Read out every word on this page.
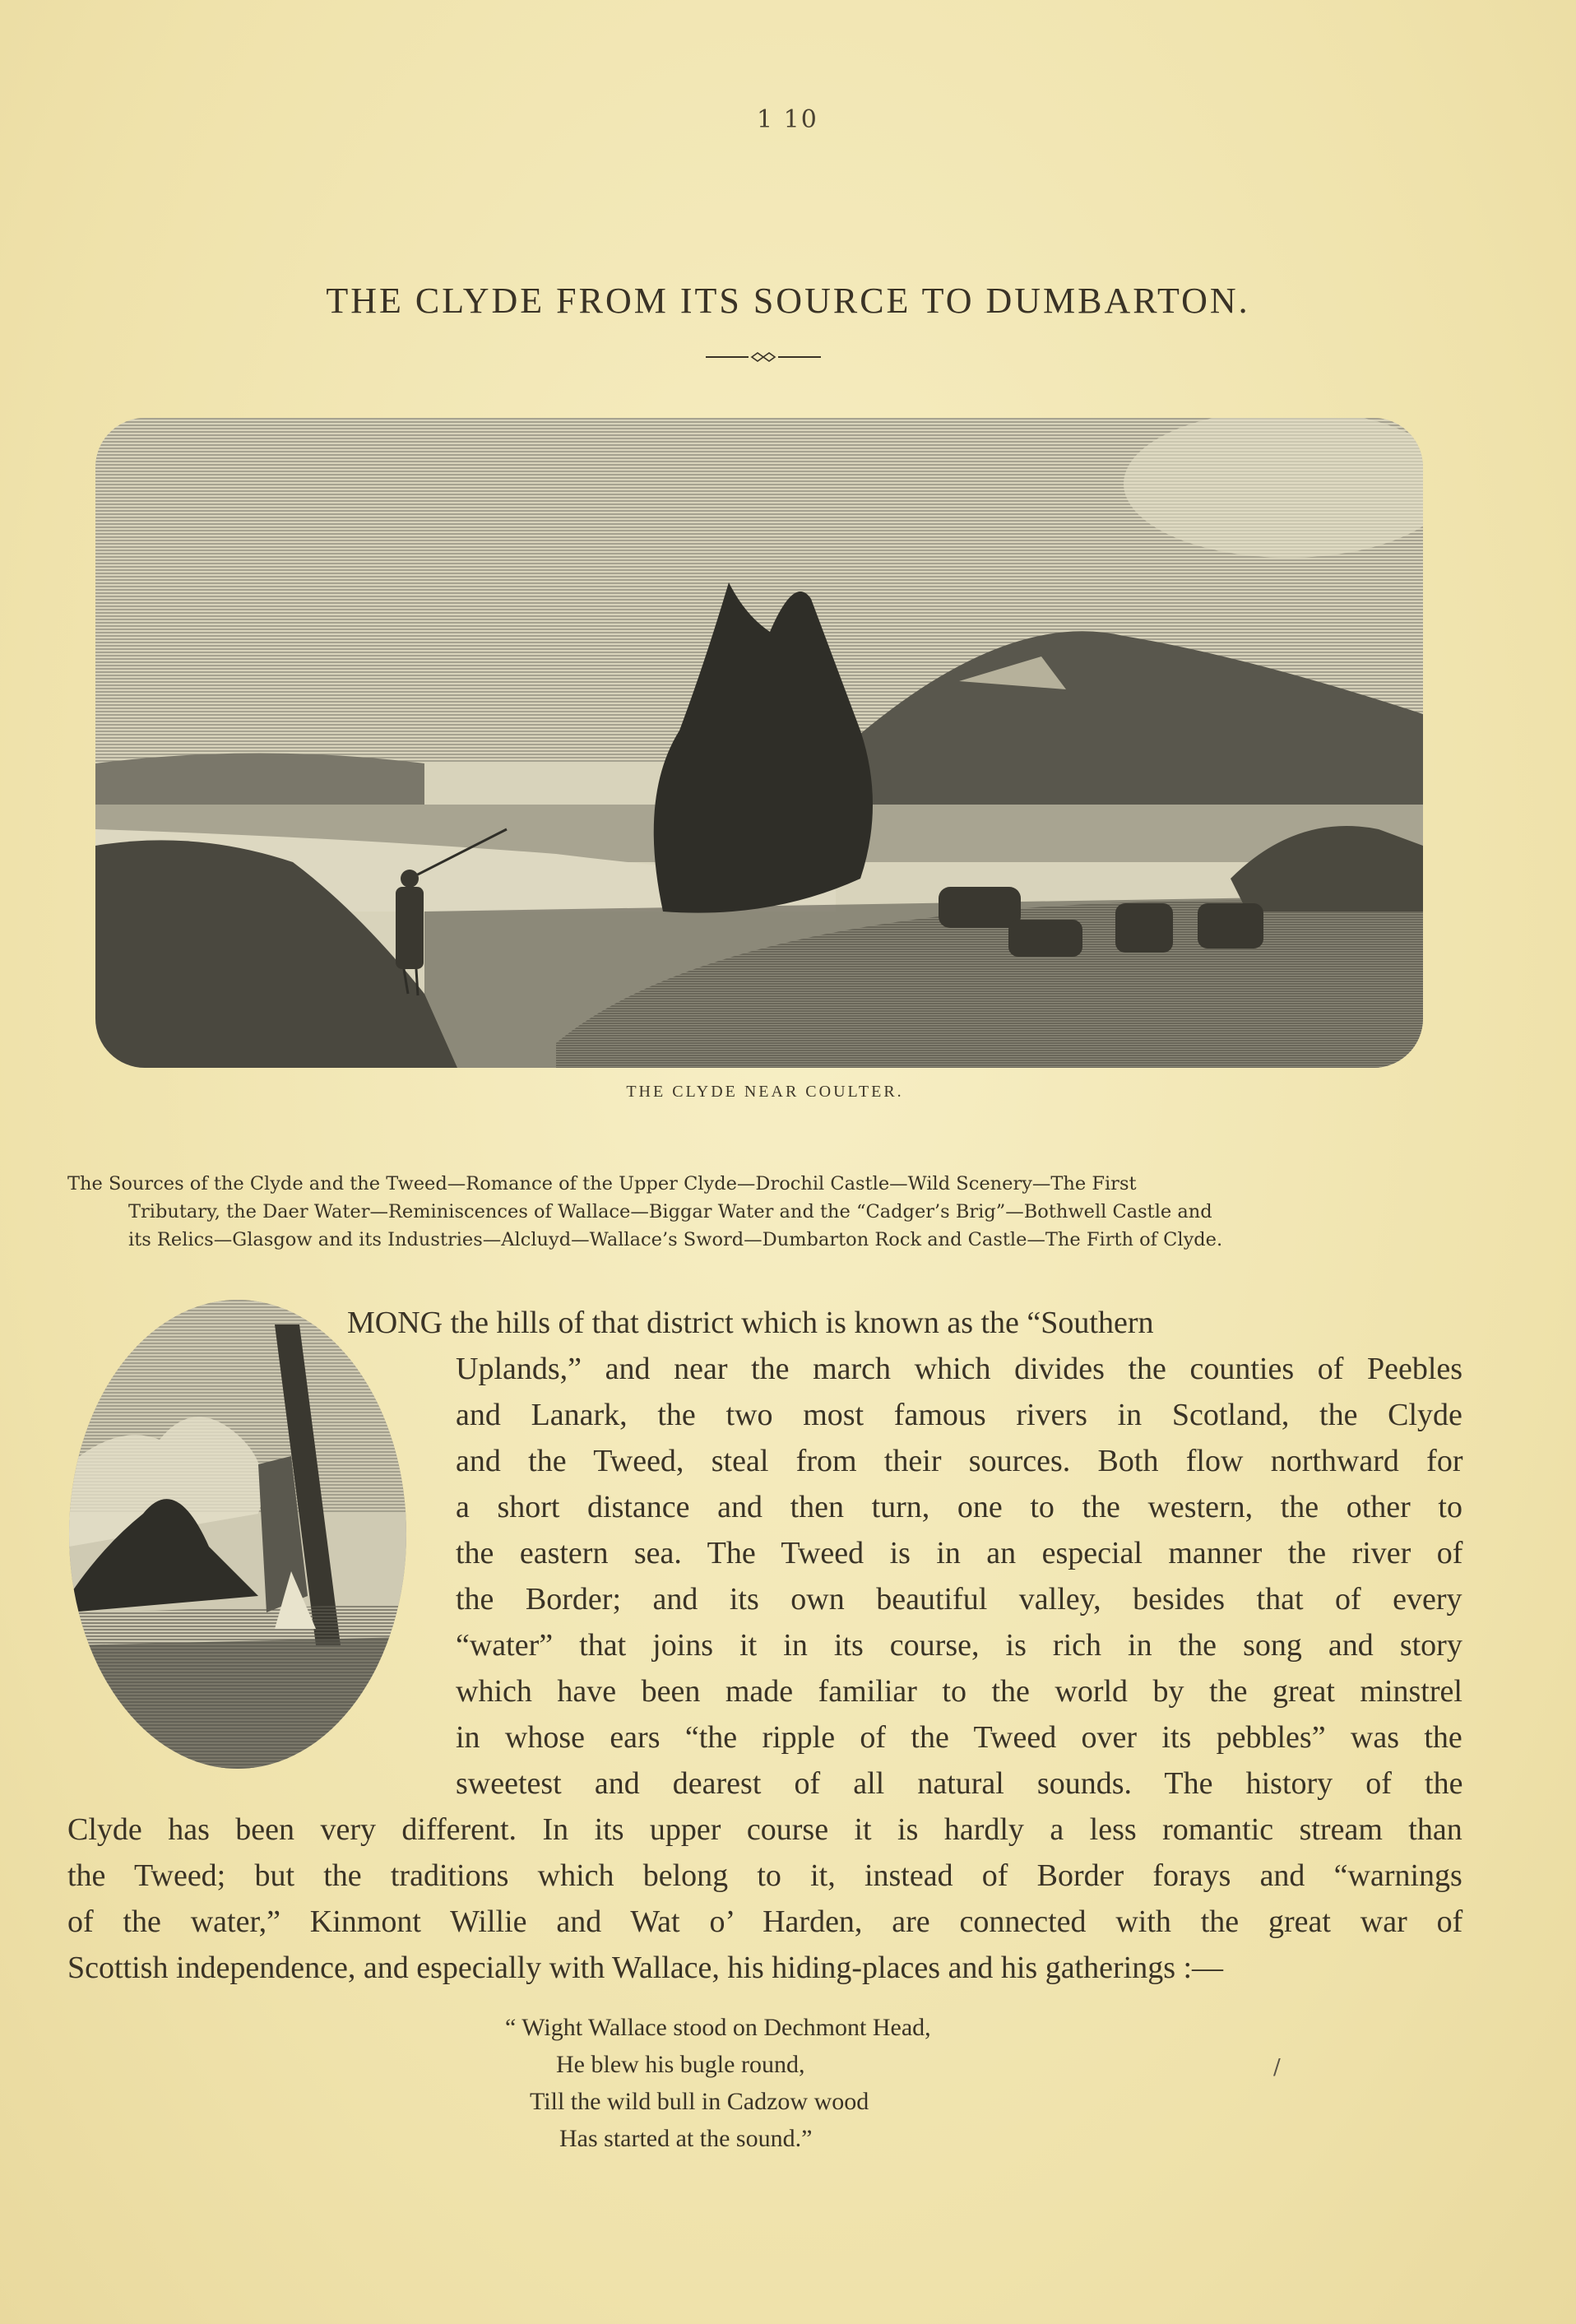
1 10
THE CLYDE FROM ITS SOURCE TO DUMBARTON.
THE CLYDE NEAR COULTER.
The Sources of the Clyde and the Tweed—Romance of the Upper Clyde—Drochil Castle—Wild Scenery—The First
Tributary, the Daer Water—Reminiscences of Wallace—Biggar Water and the “Cadger’s Brig”—Bothwell Castle and
its Relics—Glasgow and its Industries—Alcluyd—Wallace’s Sword—Dumbarton Rock and Castle—The Firth of Clyde.
MONG the hills of that district which is known as the “Southern
Uplands,” and near the march which divides the counties of Peebles
and Lanark, the two most famous rivers in Scotland, the Clyde
and the Tweed, steal from their sources. Both flow northward for
a short distance and then turn, one to the western, the other to
the eastern sea. The Tweed is in an especial manner the river of
the Border; and its own beautiful valley, besides that of every
“water” that joins it in its course, is rich in the song and story
which have been made familiar to the world by the great minstrel
in whose ears “the ripple of the Tweed over its pebbles” was the
sweetest and dearest of all natural sounds. The history of the
Clyde has been very different. In its upper course it is hardly a less romantic stream than
the Tweed; but the traditions which belong to it, instead of Border forays and “warnings
of the water,” Kinmont Willie and Wat o’ Harden, are connected with the great war of
Scottish independence, and especially with Wallace, his hiding-places and his gatherings :—
“ Wight Wallace stood on Dechmont Head,
He blew his bugle round,
Till the wild bull in Cadzow wood
Has started at the sound.”
/
